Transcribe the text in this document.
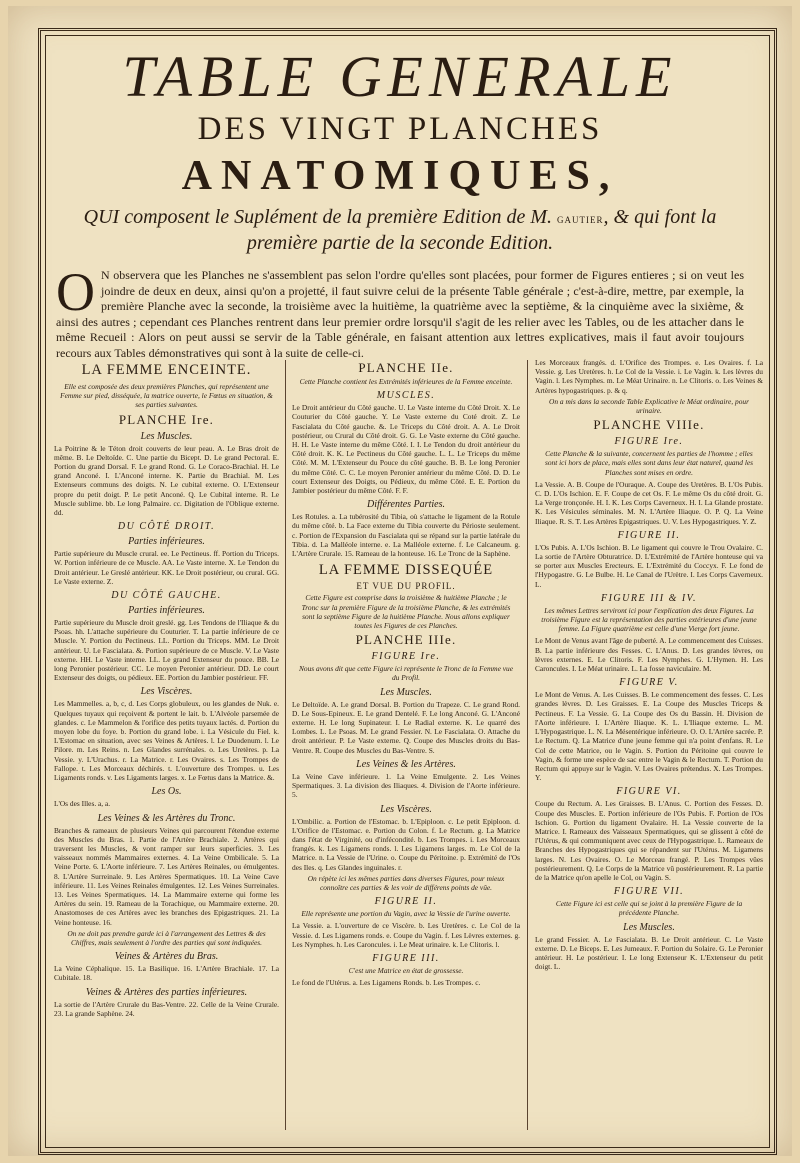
TABLE GENERALE
DES VINGT PLANCHES
ANATOMIQUES,
QUI composent le Suplément de la première Edition de M. GAUTIER, & qui font la première partie de la seconde Edition.
O N observera que les Planches ne s'assemblent pas selon l'ordre qu'elles sont placées, pour former de Figures entieres ; si on veut les joindre de deux en deux, ainsi qu'on a projetté, il faut suivre celui de la présente Table générale ; c'est-à-dire, mettre, par exemple, la première Planche avec la seconde, la troisième avec la huitième, la quatrième avec la septième, & la cinquième avec la sixième, & ainsi des autres ; cependant ces Planches rentrent dans leur premier ordre lorsqu'il s'agit de les relier avec les Tables, ou de les attacher dans le même Recueil : Alors on peut aussi se servir de la Table générale, en faisant attention aux lettres explicatives, mais il faut avoir toujours recours aux Tables démonstratives qui sont à la suite de celle-ci.
LA FEMME ENCEINTE.
Elle est composée des deux premières Planches, qui représentent une Femme sur pied, disséquée, la matrice ouverte, le Fœtus en situation, & ses parties suivantes.
PLANCHE Ire.
Les Muscles.

La Poitrine & le Téton droit couverts de leur peau. A. Le Bras droit de même. B. Le Deltoïde. C. Une partie du Bicept. D. Le grand Pectoral. E. Portion du grand Dorsal. F. Le grand Rond. G. Le Coraco-Brachial. H. Le grand Anconé. I. L'Anconé interne. K. Partie du Brachial. M. Les Extenseurs communs des doigts. N. Le cubital externe. O. L'Extenseur propre du petit doigt. P. Le petit Anconé. Q. Le Cubital interne. R. Le Muscle sublime. bb. Le long Palmaire. cc. Digitation de l'Oblique externe. dd.

DU CÔTÉ DROIT.
Parties inférieures.

Partie supérieure du Muscle crural. ee. Le Pectineus. ff. Portion du Triceps. W. Portion inférieure de ce Muscle. AA. Le Vaste interne. X. Le Tendon du Droit antérieur. Le Greslé antérieur. KK. Le Droit postérieur, ou crural. GG. Le Vaste externe. Z.

DU CÔTÉ GAUCHE.
Parties inférieures.

Partie supérieure du Muscle droit greslé. gg. Les Tendons de l'Iliaque & du Psoas. hh. L'attache supérieure du Couturier. T. La partie inférieure de ce Muscle. Y. Portion du Pectineus. LL. Portion du Triceps. MM. Le Droit antérieur. U. Le Fascialata. &. Portion supérieure de ce Muscle. V. Le Vaste externe. HH. Le Vaste interne. LL. Le grand Extenseur du pouce. BB. Le long Peronier postérieur. CC. Le moyen Peronier antérieur. DD. Le court Extenseur des doigts, ou pédieux. EE. Portion du Jambier postérieur. FF.

Les Viscères.

Les Mammelles. a, b, c, d. Les Corps globuleux, ou les glandes de Nuk. e. Quelques tuyaux qui reçoivent & portent le lait. b. L'Alvéole parsemée de glandes. c. Le Mammelon & l'orifice des petits tuyaux lactés. d. Portion du moyen lobe du foye. b. Portion du grand lobe. i. La Vésicule du Fiel. k. L'Estomac en situation, avec ses Veines & Artères. l. Le Duodenum. l. Le Pilore. m. Les Reins. n. Les Glandes surrénales. o. Les Uretères. p. La Vessie. y. L'Urachus. r. La Matrice. r. Les Ovaires. s. Les Trompes de Fallope. t. Les Morceaux déchirés. t. L'ouverture des Trompes. u. Les Ligaments ronds. v. Les Ligaments larges. x. Le Fœtus dans la Matrice. &.

Les Os.

L'Os des Illes. a, a.

Les Veines & les Artères du Tronc.

Branches & rameaux de plusieurs Veines qui parcourent l'étendue externe des Muscles du Bras. 1. Partie de l'Artère Brachiale. 2. Artères qui traversent les Muscles, & vont ramper sur leurs superficies. 3. Les vaisseaux nommés Mammaires externes. 4. La Veine Ombilicale. 5. La Veine Porte. 6. L'Aorte inférieure. 7. Les Artères Reinales, ou émulgentes. 8. L'Artère Surreinale. 9. Les Artères Spermatiques. 10. La Veine Cave inférieure. 11. Les Veines Reinales émulgentes. 12. Les Veines Surreinales. 13. Les Veines Spermatiques. 14. La Mammaire externe qui forme les Artères du sein. 19. Rameau de la Torachique, ou Mammaire externe. 20. Anastomoses de ces Artères avec les branches des Epigastriques. 21. La Veine honteuse. 16.

On ne doit pas prendre garde ici à l'arrangement des Lettres & des Chiffres, mais seulement à l'ordre des parties qui sont indiquées.
Veines & Artères du Bras.

La Veine Céphalique. 15. La Basilique. 16. L'Artère Brachiale. 17. La Cubitale. 18.

Veines & Artères des parties inférieures.

La sortie de l'Artère Crurale du Bas-Ventre. 22. Celle de la Veine Crurale. 23. La grande Saphène. 24.

PLANCHE IIe.
Cette Planche contient les Extrémités inférieures de la Femme enceinte.
MUSCLES.

Le Droit antérieur du Côté gauche. U. Le Vaste interne du Côté Droit. X. Le Couturier du Côté gauche. Y. Le Vaste externe du Coté droit. Z. Le Fascialata du Côté gauche. &. Le Triceps du Côté droit. A. A. Le Droit postérieur, ou Crural du Côté droit. G. G. Le Vaste externe du Côté gauche. H. H. Le Vaste interne du même Côté. I. I. Le Tendon du droit antérieur du Côté droit. K. K. Le Pectineus du Côté gauche. L. L. Le Triceps du même Côté. M. M. L'Extenseur du Pouce du côté gauche. B. B. Le long Peronier du même Côté. C. C. Le moyen Peronier antérieur du même Côté. D. D. Le court Extenseur des Doigts, ou Pédieux, du même Côté. E. E. Portion du Jambier postérieur du même Côté. F. F.

Différentes Parties.

Les Rotules. a. La tubérosité du Tibia, où s'attache le ligament de la Rotule du même côté. b. La Face externe du Tibia couverte du Périoste seulement. c. Portion de l'Expansion du Fascialata qui se répand sur la partie latérale du Tibia. d. La Malléole interne. e. La Malléole externe. f. Le Calcaneum. g. L'Artère Crurale. 15. Rameau de la honteuse. 16. Le Tronc de la Saphène.

LA FEMME DISSEQUÉE
ET VUE DU PROFIL.
Cette Figure est comprise dans la troisième & huitième Planche ; le Tronc sur la première Figure de la troisième Planche, & les extrémités sont la septième Figure de la huitième Planche. Nous allons expliquer toutes les Figures de ces Planches.
PLANCHE IIIe.
FIGURE Ire.
Nous avons dit que cette Figure ici représente le Tronc de la Femme vue du Profil.
Les Muscles.

Le Deltoïde. A. Le grand Dorsal. B. Portion du Trapeze. C. Le grand Rond. D. Le Sous-Epineux. E. Le grand Dentelé. F. Le long Anconé. G. L'Anconé externe. H. Le long Supinateur. I. Le Radial externe. K. Le quarré des Lombes. L. Le Psoas. M. Le grand Fessier. N. Le Fascialata. O. Attache du droit antérieur. P. Le Vaste externe. Q. Coupe des Muscles droits du Bas-Ventre. R. Coupe des Muscles du Bas-Ventre. S.

Les Veines & les Artères.

La Veine Cave inférieure. 1. La Veine Emulgente. 2. Les Veines Spermatiques. 3. La division des Iliaques. 4. Division de l'Aorte inférieure. 5.

Les Viscères.

L'Ombilic. a. Portion de l'Estomac. b. L'Epiploon. c. Le petit Epiploon. d. L'Orifice de l'Estomac. e. Portion du Colon. f. Le Rectum. g. La Matrice dans l'état de Virginité, ou d'infécondité. b. Les Trompes. i. Les Morceaux frangés. k. Les Ligamens ronds. l. Les Ligamens larges. m. Le Col de la Matrice. n. La Vessie de l'Urine. o. Coupe du Péritoine. p. Extrémité de l'Os des Iles. q. Les Glandes inguinales. r.

On répète ici les mêmes parties dans diverses Figures, pour mieux connoître ces parties & les voir de différens points de vûe.
FIGURE II.
Elle représente une portion du Vagin, avec la Vessie de l'urine ouverte.

La Vessie. a. L'ouverture de ce Viscère. b. Les Uretères. c. Le Col de la Vessie. d. Les Ligamens ronds. e. Coupe du Vagin. f. Les Lèvres externes. g. Les Nymphes. h. Les Caroncules. i. Le Meat urinaire. k. Le Clitoris. l.

FIGURE III.
C'est une Matrice en état de grossesse.

Le fond de l'Utérus. a. Les Ligamens Ronds. b. Les Trompes. c.

Les Morceaux frangés. d. L'Orifice des Trompes. e. Les Ovaires. f. La Vessie. g. Les Uretères. h. Le Col de la Vessie. i. Le Vagin. k. Les lèvres du Vagin. l. Les Nymphes. m. Le Méat Urinaire. n. Le Clitoris. o. Les Veines & Artères hypogastriques. p. & q.

On a mis dans la seconde Table Explicative le Méat ordinaire, pour urinaire.
PLANCHE VIIIe.
FIGURE Ire.
Cette Planche & la suivante, concernent les parties de l'homme ; elles sont ici hors de place, mais elles sont dans leur état naturel, quand les Planches sont mises en ordre.

La Vessie. A. B. Coupe de l'Ouraque. A. Coupe des Uretères. B. L'Os Pubis. C. D. L'Os Ischion. E. F. Coupe de cet Os. F. Le même Os du côté droit. G. La Verge tronçonée. H. I. K. Les Corps Caverneux. H. I. La Glande prostate. K. Les Vésicules séminales. M. N. L'Artère Iliaque. O. P. Q. La Veine Iliaque. R. S. T. Les Artères Epigastriques. U. V. Les Hypogastriques. Y. Z.

FIGURE II.

L'Os Pubis. A. L'Os Ischion. B. Le ligament qui couvre le Trou Ovalaire. C. La sortie de l'Artère Obturatrice. D. L'Extrémité de l'Artère honteuse qui va se porter aux Muscles Erecteurs. E. L'Extrémité du Coccyx. F. Le fond de l'Hypogastre. G. Le Bulbe. H. Le Canal de l'Urètre. I. Les Corps Caverneux. L.

FIGURE III & IV.
Les mêmes Lettres serviront ici pour l'explication des deux Figures. La troisième Figure est la représentation des parties extérieures d'une jeune femme. La Figure quatrième est celle d'une Vierge fort jeune.

Le Mont de Venus avant l'âge de puberté. A. Le commencement des Cuisses. B. La partie inférieure des Fesses. C. L'Anus. D. Les grandes lèvres, ou lèvres externes. E. Le Clitoris. F. Les Nymphes. G. L'Hymen. H. Les Caroncules. I. Le Méat urinaire. L. La fosse naviculaire. M.

FIGURE V.

Le Mont de Venus. A. Les Cuisses. B. Le commencement des fesses. C. Les grandes lèvres. D. Les Graisses. E. La Coupe des Muscles Triceps & Pectineus. F. La Vessie. G. La Coupe des Os du Bassin. H. Division de l'Aorte inférieure. I. L'Artère Iliaque. K. L. L'Iliaque externe. L. M. L'Hypogastrique. L. N. La Mésentérique inférieure. O. O. L'Artère sacrée. P. Le Rectum. Q. La Matrice d'une jeune femme qui n'a point d'enfans. R. Le Col de cette Matrice, ou le Vagin. S. Portion du Péritoine qui couvre le Vagin, & forme une espèce de sac entre le Vagin & le Rectum. T. Portion du Rectum qui appuye sur le Vagin. V. Les Ovaires prétendus. X. Les Trompes. Y.

FIGURE VI.

Coupe du Rectum. A. Les Graisses. B. L'Anus. C. Portion des Fesses. D. Coupe des Muscles. E. Portion inférieure de l'Os Pubis. F. Portion de l'Os Ischion. G. Portion du ligament Ovalaire. H. La Vessie couverte de la Matrice. I. Rameaux des Vaisseaux Spermatiques, qui se glissent à côté de l'Utérus, & qui communiquent avec ceux de l'Hypogastrique. L. Rameaux de Branches des Hypogastriques qui se répandent sur l'Utérus. M. Ligamens larges. N. Les Ovaires. O. Le Morceau frangé. P. Les Trompes vûes postérieurement. Q. Le Corps de la Matrice vû postérieurement. R. La partie de la Matrice qu'on apelle le Col, ou Vagin. S.

FIGURE VII.
Cette Figure ici est celle qui se joint à la première Figure de la précédente Planche.
Les Muscles.

Le grand Fessier. A. Le Fascialata. B. Le Droit antérieur. C. Le Vaste externe. D. Le Biceps. E. Les Jumeaux. F. Portion du Solaire. G. Le Peronier antérieur. H. Le postérieur. I. Le long Extenseur K. L'Extenseur du petit doigt. L.
